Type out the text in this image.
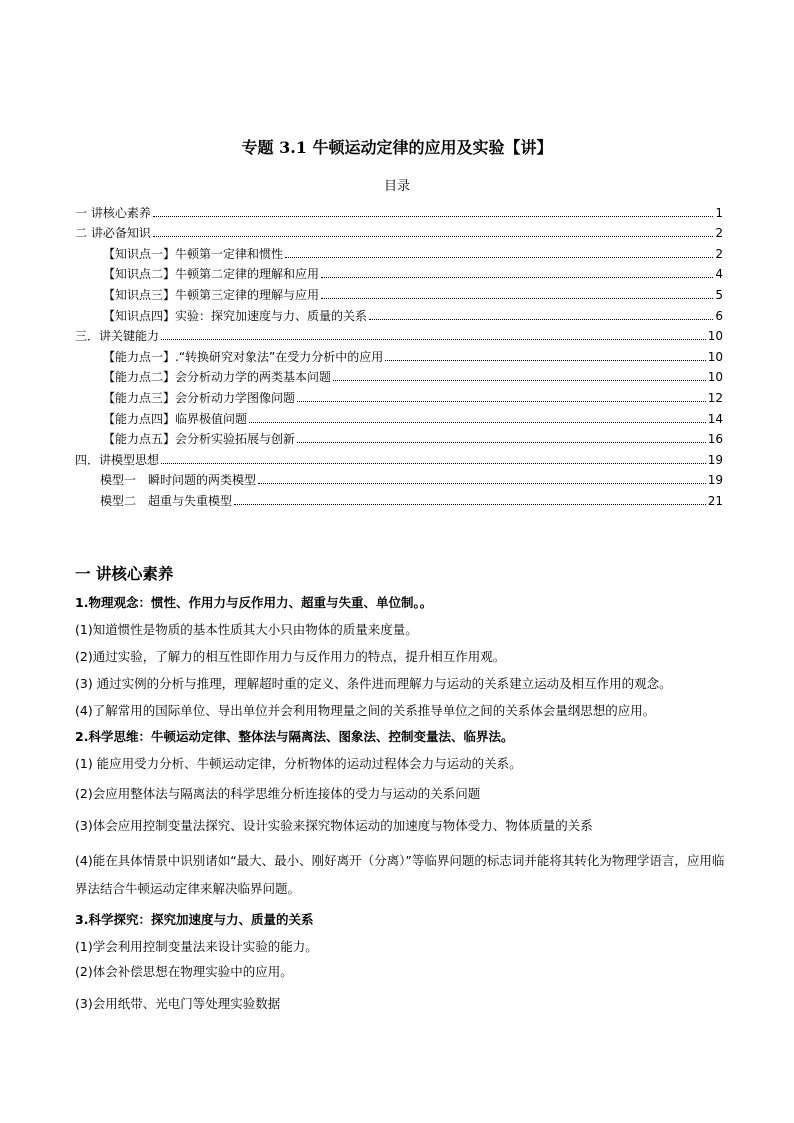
专题 3.1 牛顿运动定律的应用及实验【讲】
目录
一 讲核心素养	1
二 讲必备知识	2
【知识点一】牛顿第一定律和惯性	2
【知识点二】牛顿第二定律的理解和应用	4
【知识点三】牛顿第三定律的理解与应用	5
【知识点四】实验：探究加速度与力、质量的关系	6
三．讲关键能力	10
【能力点一】.“转换研究对象法”在受力分析中的应用	10
【能力点二】会分析动力学的两类基本问题	10
【能力点三】会分析动力学图像问题	12
【能力点四】临界极值问题	14
【能力点五】会分析实验拓展与创新	16
四．讲模型思想	19
模型一　瞬时问题的两类模型	19
模型二　超重与失重模型	21
一 讲核心素养
1.物理观念：惯性、作用力与反作用力、超重与失重、单位制。。
(1)知道惯性是物质的基本性质其大小只由物体的质量来度量。
(2)通过实验，了解力的相互性即作用力与反作用力的特点，提升相互作用观。
(3) 通过实例的分析与推理，理解超时重的定义、条件进而理解力与运动的关系建立运动及相互作用的观念。
(4)了解常用的国际单位、导出单位并会利用物理量之间的关系推导单位之间的关系体会量纲思想的应用。
2.科学思维：牛顿运动定律、整体法与隔离法、图象法、控制变量法、临界法。
(1) 能应用受力分析、牛顿运动定律，分析物体的运动过程体会力与运动的关系。
(2)会应用整体法与隔离法的科学思维分析连接体的受力与运动的关系问题
(3)体会应用控制变量法探究、设计实验来探究物体运动的加速度与物体受力、物体质量的关系
(4)能在具体情景中识别诸如“最大、最小、刚好离开（分离）”等临界问题的标志词并能将其转化为物理学语言，应用临界法结合牛顿运动定律来解决临界问题。
3.科学探究：探究加速度与力、质量的关系
(1)学会利用控制变量法来设计实验的能力。
(2)体会补偿思想在物理实验中的应用。
(3)会用纸带、光电门等处理实验数据
